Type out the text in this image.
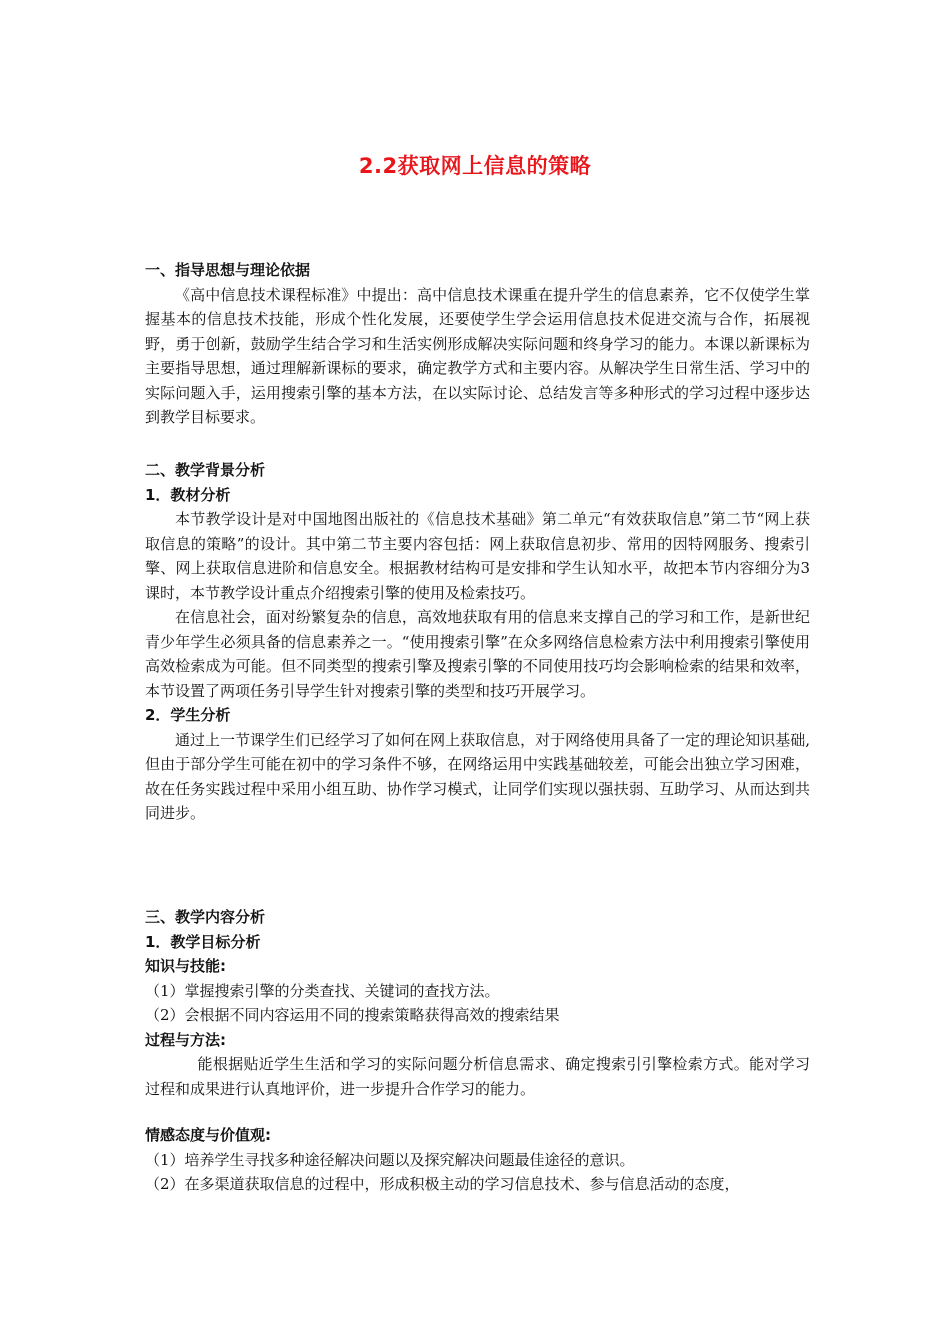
2.2获取网上信息的策略
一、指导思想与理论依据
《高中信息技术课程标准》中提出：高中信息技术课重在提升学生的信息素养，它不仅使学生掌握基本的信息技术技能，形成个性化发展，还要使学生学会运用信息技术促进交流与合作，拓展视野，勇于创新，鼓励学生结合学习和生活实例形成解决实际问题和终身学习的能力。本课以新课标为主要指导思想，通过理解新课标的要求，确定教学方式和主要内容。从解决学生日常生活、学习中的实际问题入手，运用搜索引擎的基本方法，在以实际讨论、总结发言等多种形式的学习过程中逐步达到教学目标要求。
二、教学背景分析
1．教材分析
本节教学设计是对中国地图出版社的《信息技术基础》第二单元“有效获取信息”第二节“网上获取信息的策略”的设计。其中第二节主要内容包括：网上获取信息初步、常用的因特网服务、搜索引擎、网上获取信息进阶和信息安全。根据教材结构可是安排和学生认知水平，故把本节内容细分为3课时，本节教学设计重点介绍搜索引擎的使用及检索技巧。
在信息社会，面对纷繁复杂的信息，高效地获取有用的信息来支撑自己的学习和工作，是新世纪青少年学生必须具备的信息素养之一。“使用搜索引擎”在众多网络信息检索方法中利用搜索引擎使用高效检索成为可能。但不同类型的搜索引擎及搜索引擎的不同使用技巧均会影响检索的结果和效率，本节设置了两项任务引导学生针对搜索引擎的类型和技巧开展学习。
2．学生分析
通过上一节课学生们已经学习了如何在网上获取信息，对于网络使用具备了一定的理论知识基础,但由于部分学生可能在初中的学习条件不够，在网络运用中实践基础较差，可能会出独立学习困难，故在任务实践过程中采用小组互助、协作学习模式，让同学们实现以强扶弱、互助学习、从而达到共同进步。
三、教学内容分析
1．教学目标分析
知识与技能:
（1）掌握搜索引擎的分类查找、关键词的查找方法。
（2）会根据不同内容运用不同的搜索策略获得高效的搜索结果
过程与方法:
能根据贴近学生生活和学习的实际问题分析信息需求、确定搜索引引擎检索方式。能对学习过程和成果进行认真地评价，进一步提升合作学习的能力。
情感态度与价值观:
（1）培养学生寻找多种途径解决问题以及探究解决问题最佳途径的意识。
（2）在多渠道获取信息的过程中，形成积极主动的学习信息技术、参与信息活动的态度，
